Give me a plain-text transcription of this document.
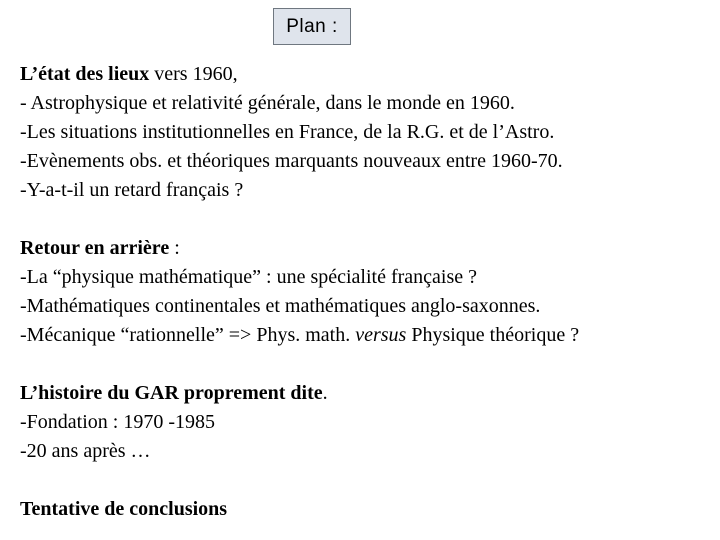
Plan :
L’état des lieux vers 1960,
- Astrophysique et relativité générale, dans le monde en 1960.
-Les situations institutionnelles en France, de la R.G. et de l’Astro.
-Evènements obs. et théoriques marquants nouveaux entre 1960-70.
-Y-a-t-il un retard français ?
Retour en arrière :
-La “physique mathématique” : une spécialité française ?
-Mathématiques continentales et mathématiques anglo-saxonnes.
-Mécanique “rationnelle” => Phys. math. versus Physique théorique ?
L’histoire du GAR proprement dite.
-Fondation : 1970 -1985
-20 ans après …
Tentative de conclusions
